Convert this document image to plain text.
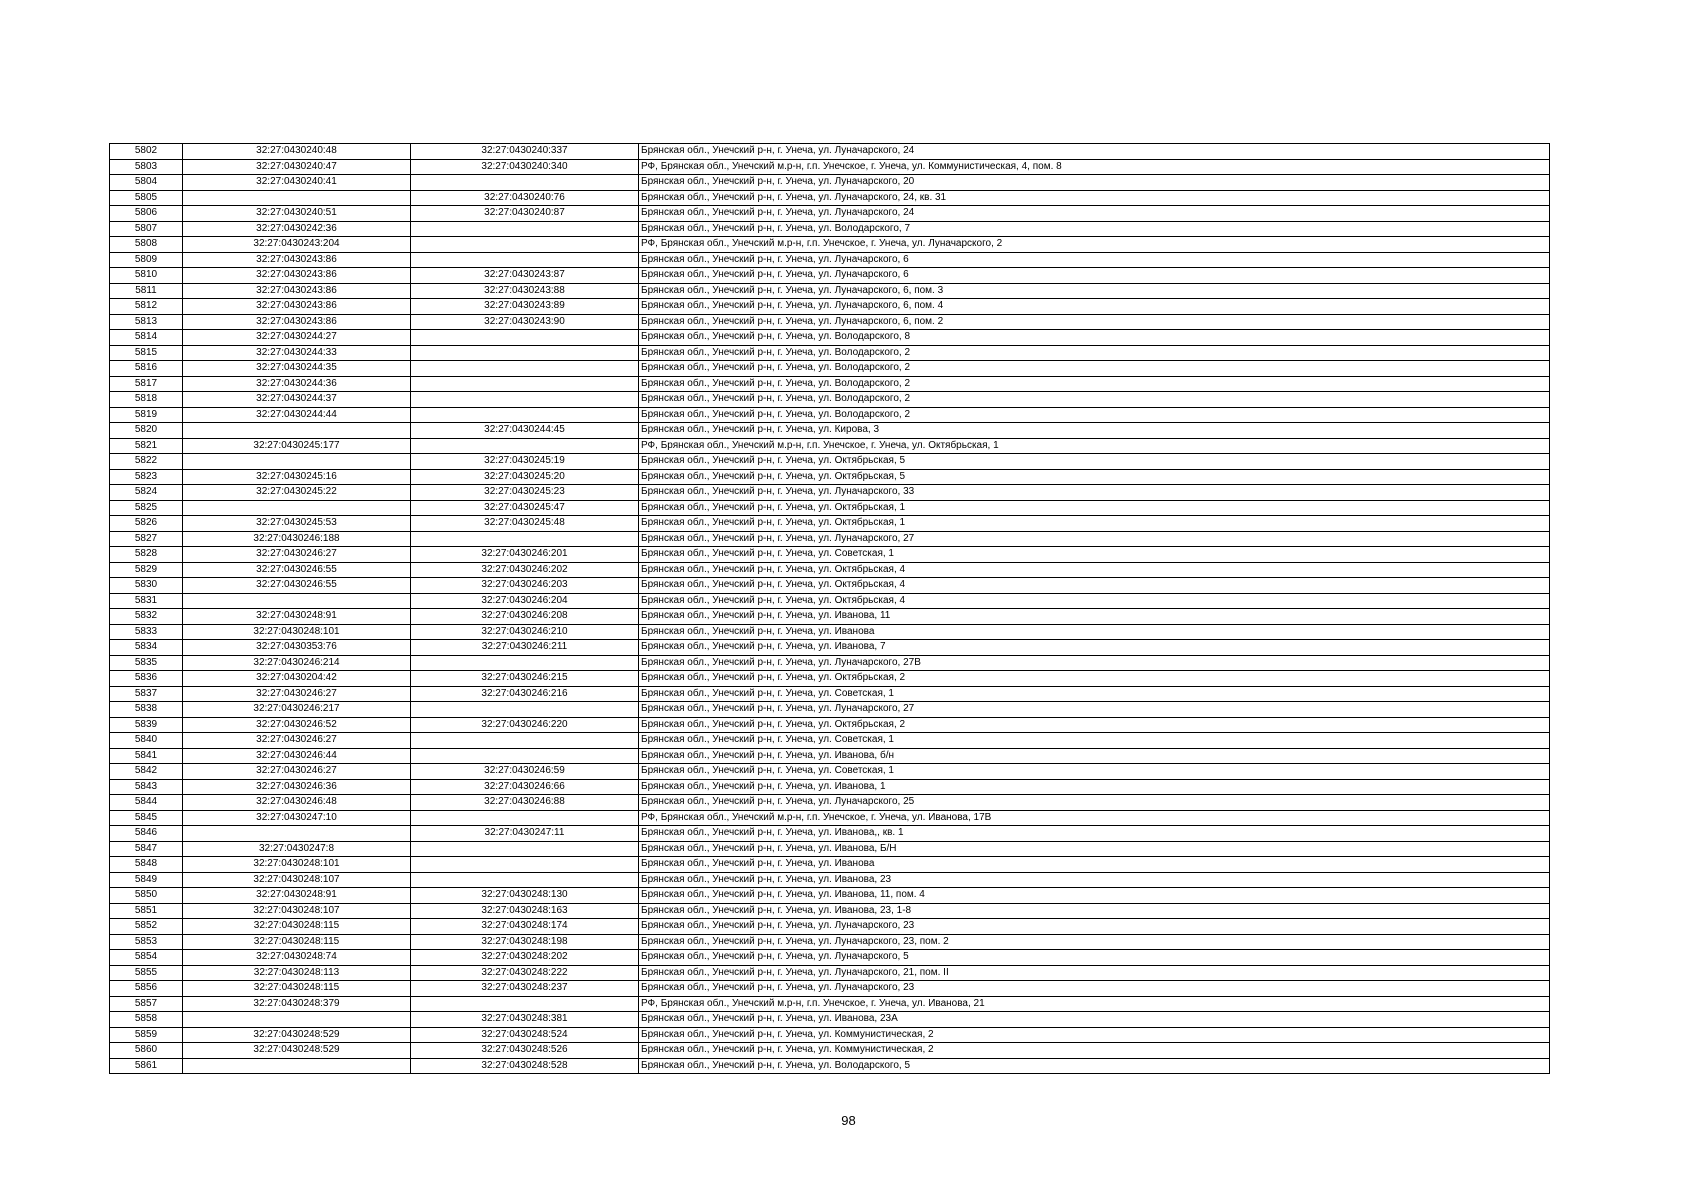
5802	32:27:0430240:48	32:27:0430240:337	Брянская обл., Унечский р-н, г. Унеча, ул. Луначарского, 24
5803	32:27:0430240:47	32:27:0430240:340	РФ, Брянская обл., Унечский м.р-н, г.п. Унечское, г. Унеча, ул. Коммунистическая, 4, пом. 8
5804	32:27:0430240:41		Брянская обл., Унечский р-н, г. Унеча, ул. Луначарского, 20
5805		32:27:0430240:76	Брянская обл., Унечский р-н, г. Унеча, ул. Луначарского, 24, кв. 31
5806	32:27:0430240:51	32:27:0430240:87	Брянская обл., Унечский р-н, г. Унеча, ул. Луначарского, 24
5807	32:27:0430242:36		Брянская обл., Унечский р-н, г. Унеча, ул. Володарского, 7
5808	32:27:0430243:204		РФ, Брянская обл., Унечский м.р-н, г.п. Унечское, г. Унеча, ул. Луначарского, 2
5809	32:27:0430243:86		Брянская обл., Унечский р-н, г. Унеча, ул. Луначарского, 6
5810	32:27:0430243:86	32:27:0430243:87	Брянская обл., Унечский р-н, г. Унеча, ул. Луначарского, 6
5811	32:27:0430243:86	32:27:0430243:88	Брянская обл., Унечский р-н, г. Унеча, ул. Луначарского, 6, пом. 3
5812	32:27:0430243:86	32:27:0430243:89	Брянская обл., Унечский р-н, г. Унеча, ул. Луначарского, 6, пом. 4
5813	32:27:0430243:86	32:27:0430243:90	Брянская обл., Унечский р-н, г. Унеча, ул. Луначарского, 6, пом. 2
5814	32:27:0430244:27		Брянская обл., Унечский р-н, г. Унеча, ул. Володарского, 8
5815	32:27:0430244:33		Брянская обл., Унечский р-н, г. Унеча, ул. Володарского, 2
5816	32:27:0430244:35		Брянская обл., Унечский р-н, г. Унеча, ул. Володарского, 2
5817	32:27:0430244:36		Брянская обл., Унечский р-н, г. Унеча, ул. Володарского, 2
5818	32:27:0430244:37		Брянская обл., Унечский р-н, г. Унеча, ул. Володарского, 2
5819	32:27:0430244:44		Брянская обл., Унечский р-н, г. Унеча, ул. Володарского, 2
5820		32:27:0430244:45	Брянская обл., Унечский р-н, г. Унеча, ул. Кирова, 3
5821	32:27:0430245:177		РФ, Брянская обл., Унечский м.р-н, г.п. Унечское, г. Унеча, ул. Октябрьская, 1
5822		32:27:0430245:19	Брянская обл., Унечский р-н, г. Унеча, ул. Октябрьская, 5
5823	32:27:0430245:16	32:27:0430245:20	Брянская обл., Унечский р-н, г. Унеча, ул. Октябрьская, 5
5824	32:27:0430245:22	32:27:0430245:23	Брянская обл., Унечский р-н, г. Унеча, ул. Луначарского, 33
5825		32:27:0430245:47	Брянская обл., Унечский р-н, г. Унеча, ул. Октябрьская, 1
5826	32:27:0430245:53	32:27:0430245:48	Брянская обл., Унечский р-н, г. Унеча, ул. Октябрьская, 1
5827	32:27:0430246:188		Брянская обл., Унечский р-н, г. Унеча, ул. Луначарского, 27
5828	32:27:0430246:27	32:27:0430246:201	Брянская обл., Унечский р-н, г. Унеча, ул. Советская, 1
5829	32:27:0430246:55	32:27:0430246:202	Брянская обл., Унечский р-н, г. Унеча, ул. Октябрьская, 4
5830	32:27:0430246:55	32:27:0430246:203	Брянская обл., Унечский р-н, г. Унеча, ул. Октябрьская, 4
5831		32:27:0430246:204	Брянская обл., Унечский р-н, г. Унеча, ул. Октябрьская, 4
5832	32:27:0430248:91	32:27:0430246:208	Брянская обл., Унечский р-н, г. Унеча, ул. Иванова, 11
5833	32:27:0430248:101	32:27:0430246:210	Брянская обл., Унечский р-н, г. Унеча, ул. Иванова
5834	32:27:0430353:76	32:27:0430246:211	Брянская обл., Унечский р-н, г. Унеча, ул. Иванова, 7
5835	32:27:0430246:214		Брянская обл., Унечский р-н, г. Унеча, ул. Луначарского, 27В
5836	32:27:0430204:42	32:27:0430246:215	Брянская обл., Унечский р-н, г. Унеча, ул. Октябрьская, 2
5837	32:27:0430246:27	32:27:0430246:216	Брянская обл., Унечский р-н, г. Унеча, ул. Советская, 1
5838	32:27:0430246:217		Брянская обл., Унечский р-н, г. Унеча, ул. Луначарского, 27
5839	32:27:0430246:52	32:27:0430246:220	Брянская обл., Унечский р-н, г. Унеча, ул. Октябрьская, 2
5840	32:27:0430246:27		Брянская обл., Унечский р-н, г. Унеча, ул. Советская, 1
5841	32:27:0430246:44		Брянская обл., Унечский р-н, г. Унеча, ул. Иванова, б/н
5842	32:27:0430246:27	32:27:0430246:59	Брянская обл., Унечский р-н, г. Унеча, ул. Советская, 1
5843	32:27:0430246:36	32:27:0430246:66	Брянская обл., Унечский р-н, г. Унеча, ул. Иванова, 1
5844	32:27:0430246:48	32:27:0430246:88	Брянская обл., Унечский р-н, г. Унеча, ул. Луначарского, 25
5845	32:27:0430247:10		РФ, Брянская обл., Унечский м.р-н, г.п. Унечское, г. Унеча, ул. Иванова, 17В
5846		32:27:0430247:11	Брянская обл., Унечский р-н, г. Унеча, ул. Иванова,, кв. 1
5847	32:27:0430247:8		Брянская обл., Унечский р-н, г. Унеча, ул. Иванова, Б/Н
5848	32:27:0430248:101		Брянская обл., Унечский р-н, г. Унеча, ул. Иванова
5849	32:27:0430248:107		Брянская обл., Унечский р-н, г. Унеча, ул. Иванова, 23
5850	32:27:0430248:91	32:27:0430248:130	Брянская обл., Унечский р-н, г. Унеча, ул. Иванова, 11, пом. 4
5851	32:27:0430248:107	32:27:0430248:163	Брянская обл., Унечский р-н, г. Унеча, ул. Иванова, 23, 1-8
5852	32:27:0430248:115	32:27:0430248:174	Брянская обл., Унечский р-н, г. Унеча, ул. Луначарского, 23
5853	32:27:0430248:115	32:27:0430248:198	Брянская обл., Унечский р-н, г. Унеча, ул. Луначарского, 23, пом. 2
5854	32:27:0430248:74	32:27:0430248:202	Брянская обл., Унечский р-н, г. Унеча, ул. Луначарского, 5
5855	32:27:0430248:113	32:27:0430248:222	Брянская обл., Унечский р-н, г. Унеча, ул. Луначарского, 21, пом. II
5856	32:27:0430248:115	32:27:0430248:237	Брянская обл., Унечский р-н, г. Унеча, ул. Луначарского, 23
5857	32:27:0430248:379		РФ, Брянская обл., Унечский м.р-н, г.п. Унечское, г. Унеча, ул. Иванова, 21
5858		32:27:0430248:381	Брянская обл., Унечский р-н, г. Унеча, ул. Иванова, 23А
5859	32:27:0430248:529	32:27:0430248:524	Брянская обл., Унечский р-н, г. Унеча, ул. Коммунистическая, 2
5860	32:27:0430248:529	32:27:0430248:526	Брянская обл., Унечский р-н, г. Унеча, ул. Коммунистическая, 2
5861		32:27:0430248:528	Брянская обл., Унечский р-н, г. Унеча, ул. Володарского, 5
98
